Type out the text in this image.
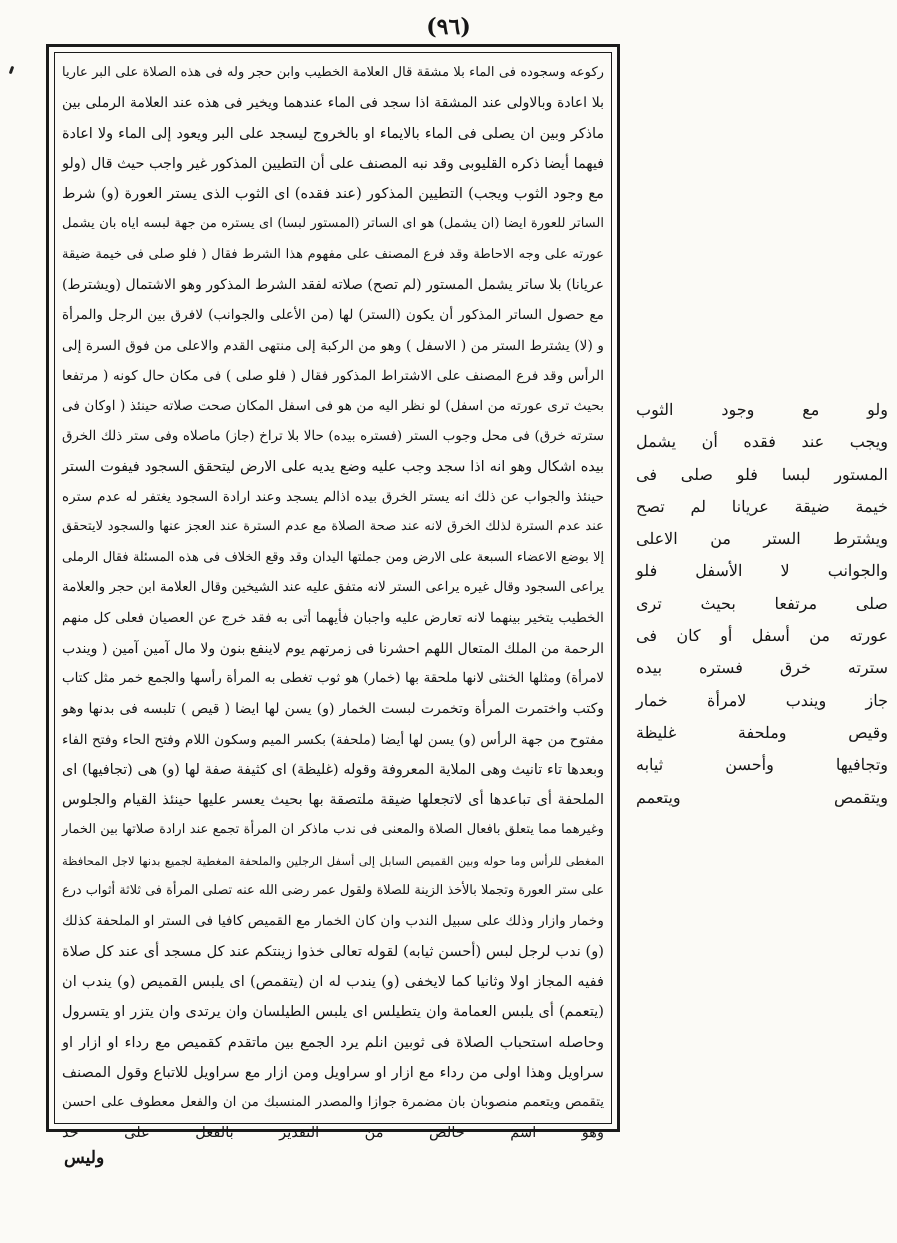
(٩٦)
ركوعه وسجوده فى الماء بلا مشقة قال العلامة الخطيب وابن حجر وله فى هذه الصلاة على البر عاريا
بلا اعادة وبالاولى عند المشقة اذا سجد فى الماء عندهما ويخير فى هذه عند العلامة الرملى بين
ماذكر وبين ان يصلى فى الماء بالايماء او بالخروج ليسجد على البر ويعود إلى الماء ولا اعادة
فيهما أيضا ذكره القليوبى وقد نبه المصنف على أن التطيين المذكور غير واجب حيث قال (ولو
مع وجود الثوب ويجب) التطيين المذكور (عند فقده) اى الثوب الذى يستر العورة (و) شرط
الساتر للعورة ايضا (ان يشمل) هو اى الساتر (المستور لبسا) اى يستره من جهة لبسه اياه بان يشمل
عورته على وجه الاحاطة وقد فرع المصنف على مفهوم هذا الشرط فقال ( فلو صلى فى خيمة ضيقة
عريانا) بلا ساتر يشمل المستور (لم تصح) صلاته لفقد الشرط المذكور وهو الاشتمال (ويشترط)
مع حصول الساتر المذكور أن يكون (الستر) لها (من الأعلى والجوانب) لافرق بين الرجل والمرأة
و (لا) يشترط الستر من ( الاسفل ) وهو من الركبة إلى منتهى القدم والاعلى من فوق السرة إلى
الرأس وقد فرع المصنف على الاشتراط المذكور فقال ( فلو صلى ) فى مكان حال كونه ( مرتفعا
بحيث ترى عورته من اسفل) لو نظر اليه من هو فى اسفل المكان صحت صلاته حينئذ ( اوكان فى
سترته خرق) فى محل وجوب الستر (فستره بيده) حالا بلا تراخ (جاز) ماصلاه وفى ستر ذلك الخرق
بيده اشكال وهو انه اذا سجد وجب عليه وضع يديه على الارض ليتحقق السجود فيفوت الستر
حينئذ والجواب عن ذلك انه يستر الخرق بيده اذالم يسجد وعند ارادة السجود يغتفر له عدم ستره
عند عدم السترة لذلك الخرق لانه عند صحة الصلاة مع عدم السترة عند العجز عنها والسجود لايتحقق
إلا بوضع الاعضاء السبعة على الارض ومن جملتها اليدان وقد وقع الخلاف فى هذه المسئلة فقال الرملى
يراعى السجود وقال غيره يراعى الستر لانه متفق عليه عند الشيخين وقال العلامة ابن حجر والعلامة
الخطيب يتخير بينهما لانه تعارض عليه واجبان فأيهما أتى به فقد خرج عن العصيان فعلى كل منهم
الرحمة من الملك المتعال اللهم احشرنا فى زمرتهم يوم لاينفع بنون ولا مال آمين آمين ( ويندب
لامرأة) ومثلها الخنثى لانها ملحقة بها (خمار) هو ثوب تغطى به المرأة رأسها والجمع خمر مثل كتاب
وكتب واختمرت المرأة وتخمرت لبست الخمار (و) يسن لها ايضا ( قيص ) تلبسه فى بدنها وهو
مفتوح من جهة الرأس (و) يسن لها أيضا (ملحفة) بكسر الميم وسكون اللام وفتح الحاء وفتح الفاء
وبعدها تاء تانيث وهى الملاية المعروفة وقوله (غليظة) اى كثيفة صفة لها (و) هى (تجافيها) اى
الملحفة أى تباعدها أى لاتجعلها ضيقة ملتصقة بها بحيث يعسر عليها حينئذ القيام والجلوس
وغيرهما مما يتعلق بافعال الصلاة والمعنى فى ندب ماذكر ان المرأة تجمع عند ارادة صلاتها بين الخمار
المغطى للرأس وما حوله وبين القميص السابل إلى أسفل الرجلين والملحفة المغطية لجميع بدنها لاجل المحافظة
على ستر العورة وتجملا بالأخذ الزينة للصلاة ولقول عمر رضى الله عنه تصلى المرأة فى ثلاثة أثواب درع
وخمار وازار وذلك على سبيل الندب وان كان الخمار مع القميص كافيا فى الستر او الملحفة كذلك
(و) ندب لرجل لبس (أحسن ثيابه) لقوله تعالى خذوا زينتكم عند كل مسجد أى عند كل صلاة
ففيه المجاز اولا وثانيا كما لايخفى (و) يندب له ان (يتقمص) اى يلبس القميص (و) يندب ان
(يتعمم) أى يلبس العمامة وان يتطيلس اى يلبس الطيلسان وان يرتدى وان يتزر او يتسرول
وحاصله استحباب الصلاة فى ثوبين انلم يرد الجمع بين ماتقدم كقميص مع رداء او ازار او
سراويل وهذا اولى من رداء مع ازار او سراويل ومن ازار مع سراويل للاتباع وقول المصنف
يتقمص ويتعمم منصوبان بان مضمرة جوازا والمصدر المنسبك من ان والفعل معطوف على احسن
وهو اسم خالص من التقدير بالفعل على حد
ولو مع وجود الثوب
ويجب عند فقده أن يشمل
المستور لبسا فلو صلى فى
خيمة ضيقة عريانا لم تصح
ويشترط الستر من الاعلى
والجوانب لا الأسفل فلو
صلى مرتفعا بحيث ترى
عورته من أسفل أو كان فى
سترته خرق فستره بيده
جاز ويندب لامرأة خمار
وقيص وملحفة غليظة
وتجافيها وأحسن ثيابه
ويتقمص ويتعمم
وليس
